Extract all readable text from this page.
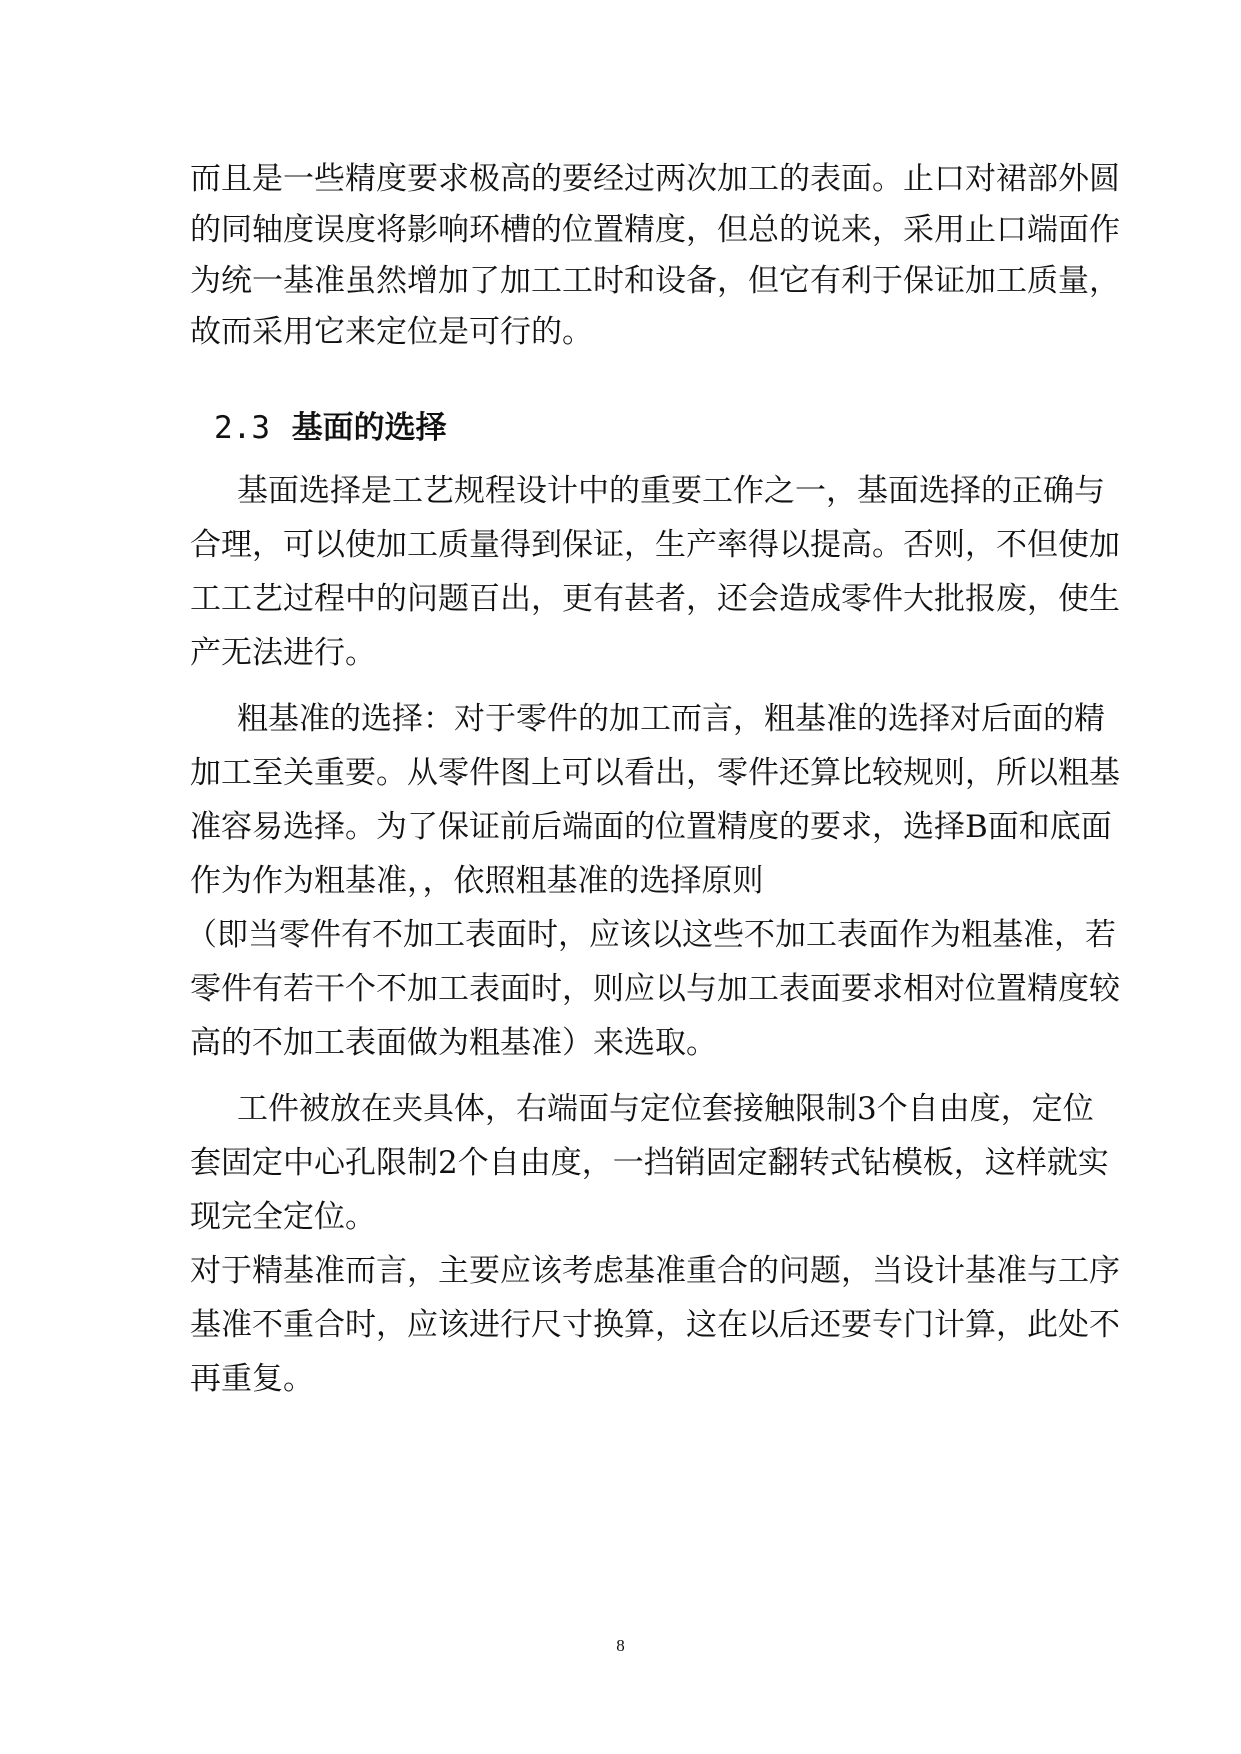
而且是一些精度要求极高的要经过两次加工的表面。止口对裙部外圆
的同轴度误度将影响环槽的位置精度，但总的说来，采用止口端面作
为统一基准虽然增加了加工工时和设备，但它有利于保证加工质量，
故而采用它来定位是可行的。
2.3 基面的选择
基面选择是工艺规程设计中的重要工作之一，基面选择的正确与
合理，可以使加工质量得到保证，生产率得以提高。否则，不但使加
工工艺过程中的问题百出，更有甚者，还会造成零件大批报废，使生
产无法进行。
粗基准的选择：对于零件的加工而言，粗基准的选择对后面的精
加工至关重要。从零件图上可以看出，零件还算比较规则，所以粗基
准容易选择。为了保证前后端面的位置精度的要求，选择B面和底面
作为作为粗基准，，依照粗基准的选择原则
（即当零件有不加工表面时，应该以这些不加工表面作为粗基准，若
零件有若干个不加工表面时，则应以与加工表面要求相对位置精度较
高的不加工表面做为粗基准）来选取。
工件被放在夹具体，右端面与定位套接触限制3个自由度，定位
套固定中心孔限制2个自由度，一挡销固定翻转式钻模板，这样就实
现完全定位。
对于精基准而言，主要应该考虑基准重合的问题，当设计基准与工序
基准不重合时，应该进行尺寸换算，这在以后还要专门计算，此处不
再重复。
8
